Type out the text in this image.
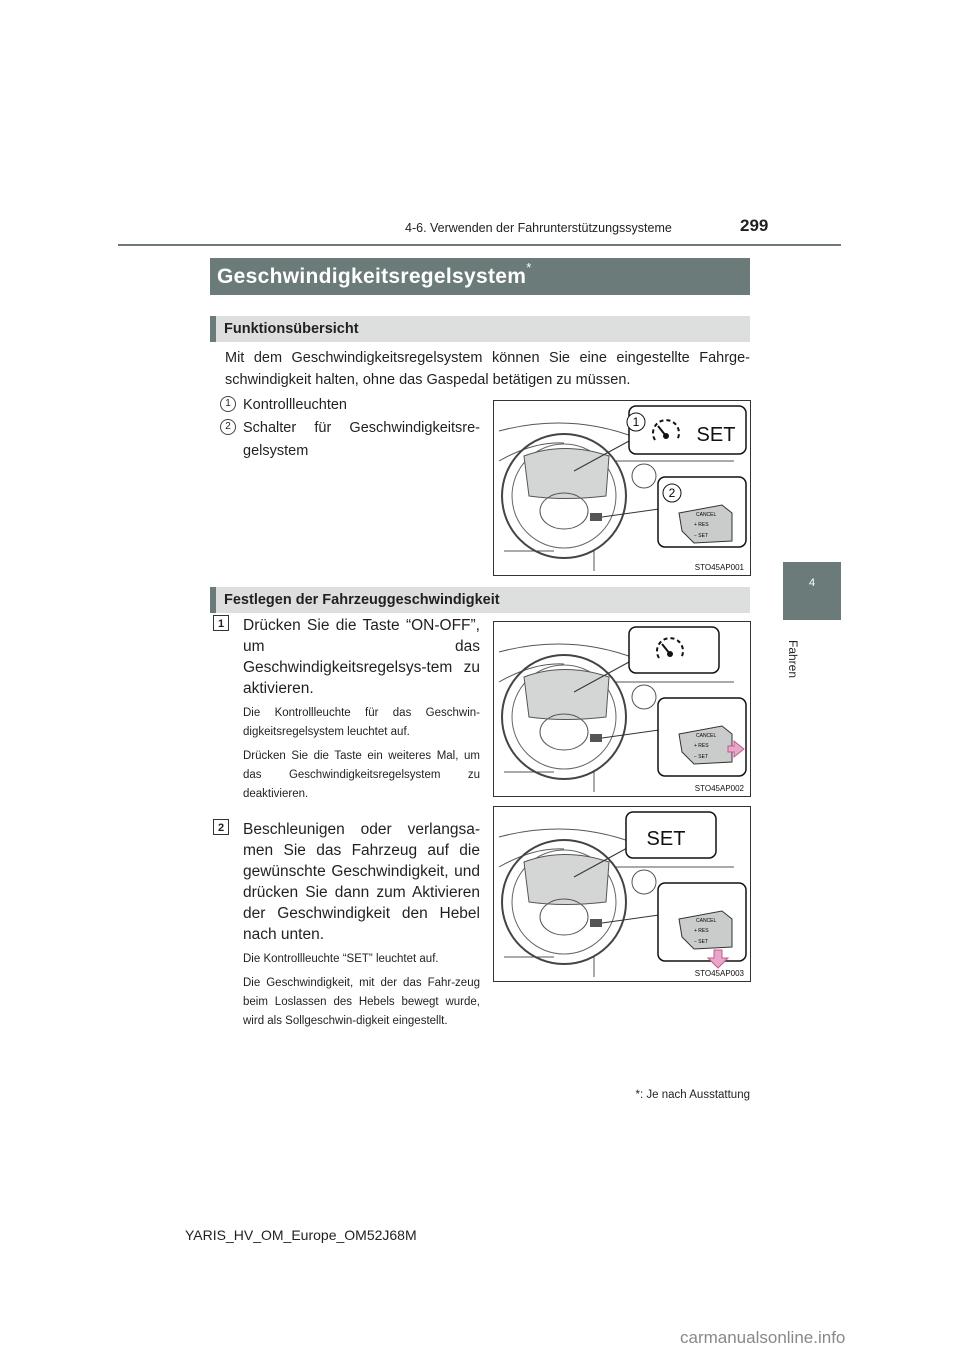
4-6. Verwenden der Fahrunterstützungssysteme	299
4
Fahren
Geschwindigkeitsregelsystem*
Funktionsübersicht
Mit dem Geschwindigkeitsregelsystem können Sie eine eingestellte Fahrge-schwindigkeit halten, ohne das Gaspedal betätigen zu müssen.
1 Kontrollleuchten
2 Schalter für Geschwindigkeitsre-gelsystem
CANCEL
+ RES
− SET
1
2
SET
STO45AP001
Festlegen der Fahrzeuggeschwindigkeit
1	Drücken Sie die Taste “ON-OFF”, um das Geschwindigkeitsregelsys-tem zu aktivieren.
Die Kontrollleuchte für das Geschwin-digkeitsregelsystem leuchtet auf.
Drücken Sie die Taste ein weiteres Mal, um das Geschwindigkeitsregelsystem zu deaktivieren.
2	Beschleunigen oder verlangsa-men Sie das Fahrzeug auf die gewünschte Geschwindigkeit, und drücken Sie dann zum Aktivieren der Geschwindigkeit den Hebel nach unten.
Die Kontrollleuchte “SET” leuchtet auf.
Die Geschwindigkeit, mit der das Fahr-zeug beim Loslassen des Hebels bewegt wurde, wird als Sollgeschwin-digkeit eingestellt.
CANCEL
+ RES
− SET
STO45AP002
CANCEL
+ RES
− SET
SET
STO45AP003
*: Je nach Ausstattung
YARIS_HV_OM_Europe_OM52J68M
carmanualsonline.info
